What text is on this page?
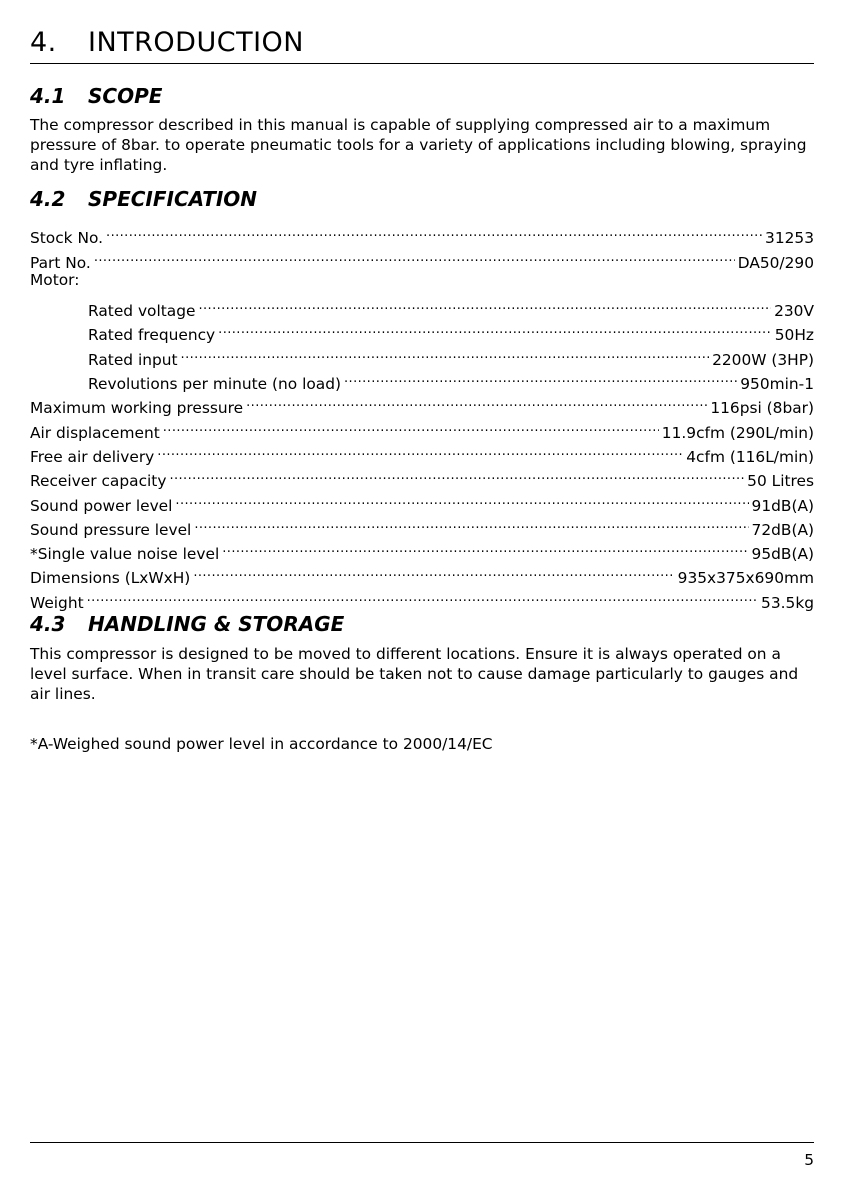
4. INTRODUCTION
4.1 SCOPE

The compressor described in this manual is capable of supplying compressed air to a maximum pressure of 8bar. to operate pneumatic tools for a variety of applications including blowing, spraying and tyre inflating.

4.2 SPECIFICATION
Stock No. .....	31253
Part No. .....	DA50/290
Motor:
Rated voltage .....	230V
Rated frequency .....	50Hz
Rated input .....	2200W (3HP)
Revolutions per minute (no load) .....	950min-1
Maximum working pressure .....	116psi (8bar)
Air displacement .....	11.9cfm (290L/min)
Free air delivery .....	4cfm (116L/min)
Receiver capacity .....	50 Litres
Sound power level .....	91dB(A)
Sound pressure level .....	72dB(A)
*Single value noise level .....	95dB(A)
Dimensions (LxWxH) .....	935x375x690mm
Weight .....	53.5kg
4.3 HANDLING & STORAGE

This compressor is designed to be moved to different locations. Ensure it is always operated on a level surface. When in transit care should be taken not to cause damage particularly to gauges and air lines.

*A-Weighed sound power level in accordance to 2000/14/EC

5
